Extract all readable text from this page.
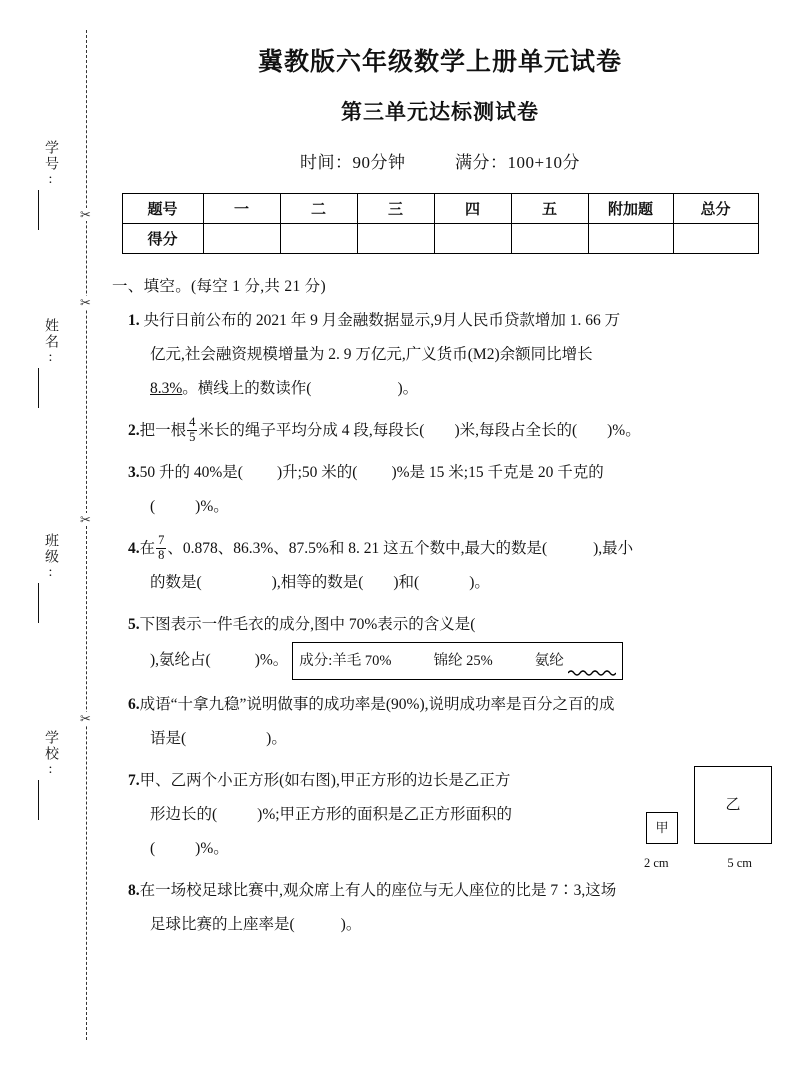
学号:
姓名:
班级:
学校:
✂
✂
✂
✂
冀教版六年级数学上册单元试卷
第三单元达标测试卷
时间：90分钟	满分：100+10分
题号	一	二	三	四	五	附加题	总分
得分							
一、填空。(每空 1 分,共 21 分)
1. 央行日前公布的 2021 年 9 月金融数据显示,9月人民币贷款增加 1. 66 万
亿元,社会融资规模增量为 2. 9 万亿元,广义货币(M2)余额同比增长
8.3%。横线上的数读作(	)。
2.把一根 $\frac{4}{5}$ 米长的绳子平均分成 4 段,每段长( )米,每段占全长的( )%。
3.50 升的 40%是( )升;50 米的( )%是 15 米;15 千克是 20 千克的
(	)%。
4.在 $\frac{7}{8}$ 、0.878、86.3%、87.5%和 8. 21 这五个数中,最大的数是(	),最小
的数是(	),相等的数是( )和(	)。
5.下图表示一件毛衣的成分,图中 70%表示的含义是(
),氨纶占(	)%。 成分:羊毛 70%	锦纶 25%	氨纶
6.成语“十拿九稳”说明做事的成功率是(90%),说明成功率是百分之百的成
语是(	)。
7.甲、乙两个小正方形(如右图),甲正方形的边长是乙正方
形边长的(	)%;甲正方形的面积是乙正方形面积的
(	)%。
乙
甲
2 cm	5 cm
8.在一场校足球比赛中,观众席上有人的座位与无人座位的比是 7∶3,这场
足球比赛的上座率是(	)。
